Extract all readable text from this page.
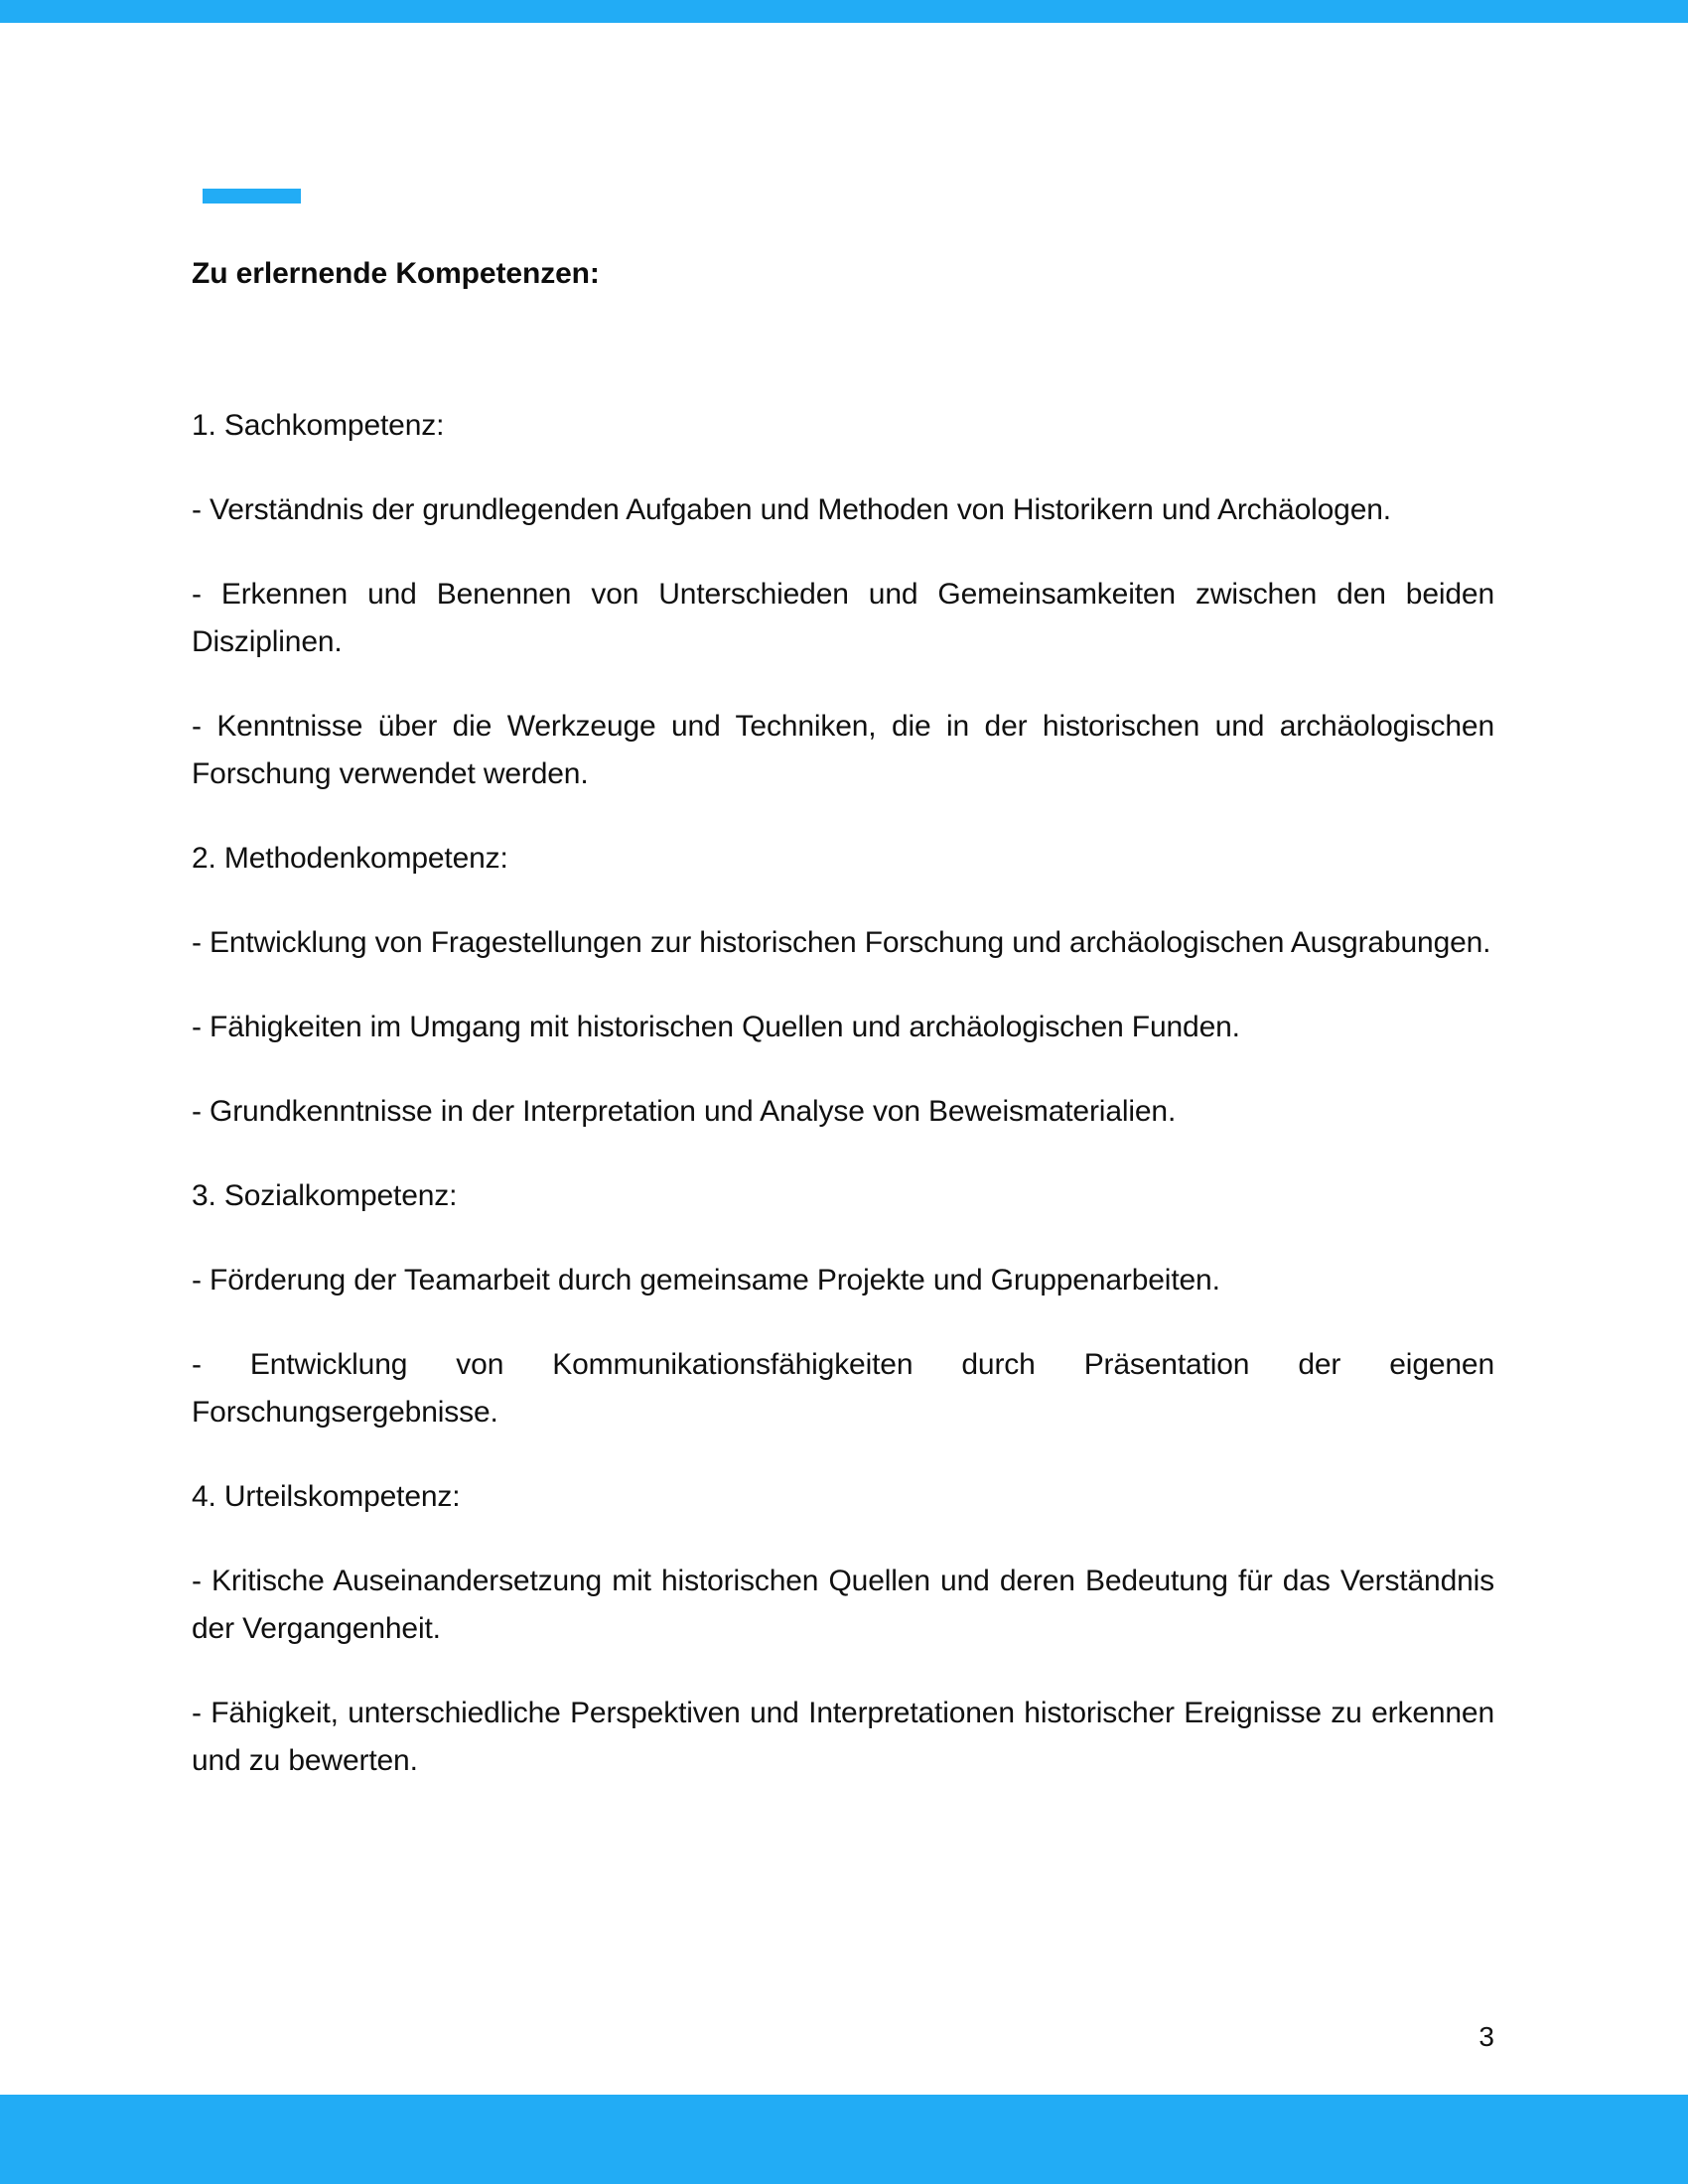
Zu erlernende Kompetenzen:

1. Sachkompetenz:

- Verständnis der grundlegenden Aufgaben und Methoden von Historikern und Archäologen.

- Erkennen und Benennen von Unterschieden und Gemeinsamkeiten zwischen den beiden Disziplinen.

- Kenntnisse über die Werkzeuge und Techniken, die in der historischen und archäologischen Forschung verwendet werden.

2. Methodenkompetenz:

- Entwicklung von Fragestellungen zur historischen Forschung und archäologischen Ausgrabungen.

- Fähigkeiten im Umgang mit historischen Quellen und archäologischen Funden.

- Grundkenntnisse in der Interpretation und Analyse von Beweismaterialien.

3. Sozialkompetenz:

- Förderung der Teamarbeit durch gemeinsame Projekte und Gruppenarbeiten.

- Entwicklung von Kommunikationsfähigkeiten durch Präsentation der eigenen Forschungsergebnisse.

4. Urteilskompetenz:

- Kritische Auseinandersetzung mit historischen Quellen und deren Bedeutung für das Verständnis der Vergangenheit.

- Fähigkeit, unterschiedliche Perspektiven und Interpretationen historischer Ereignisse zu erkennen und zu bewerten.

3
